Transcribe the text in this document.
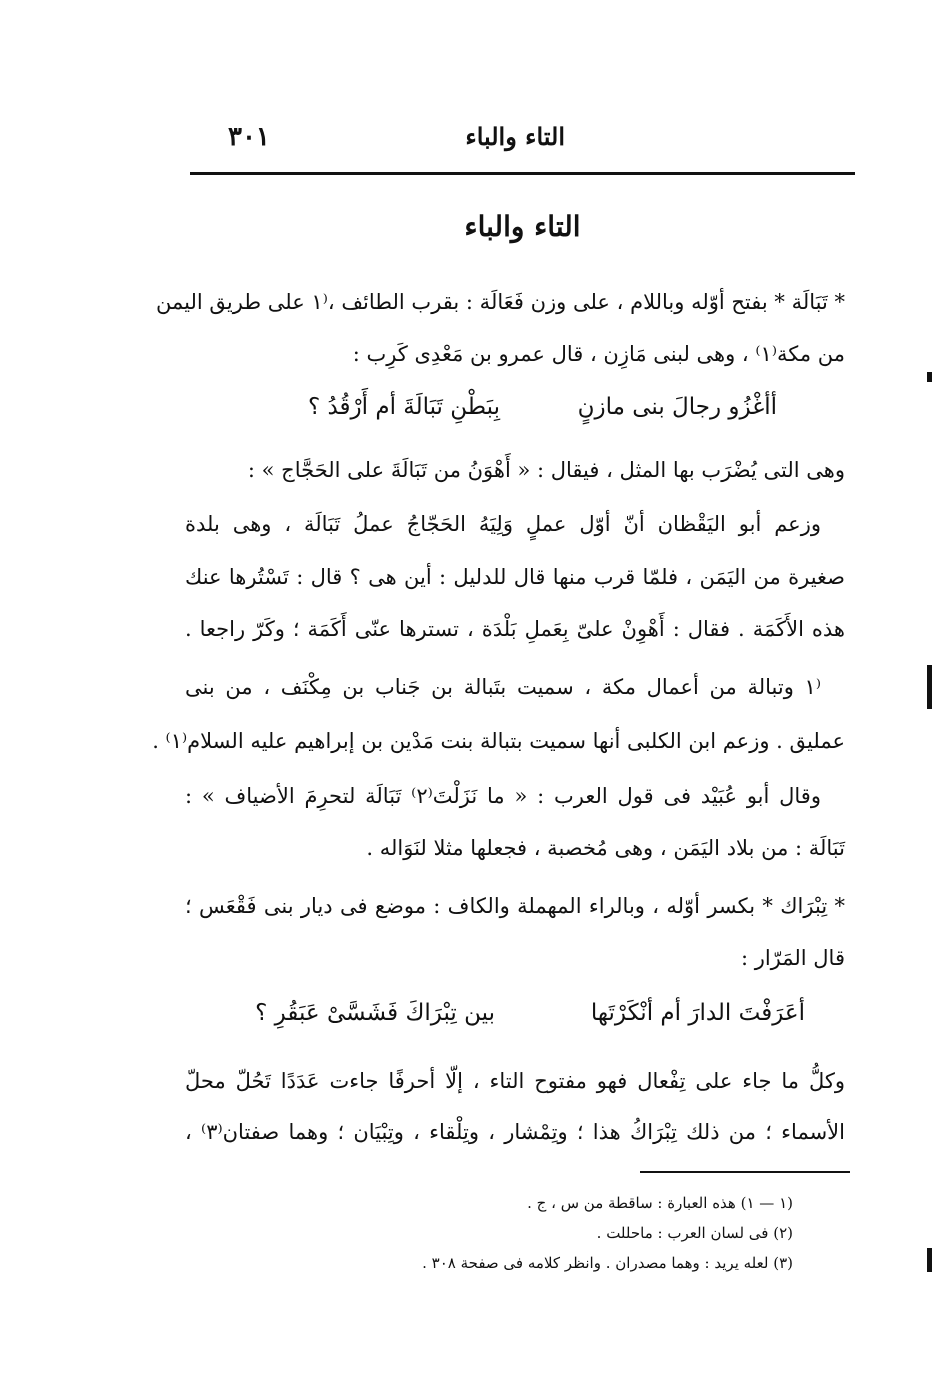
التاء والباء
٣٠١
التاء والباء
* تَبَالَة * بفتح أوّله وباللام ، على وزن فَعَالَة : بقرب الطائف ،⁽١ على طريق اليمن
من مكة⁽١⁾ ، وهى لبنى مَازِن ، قال عمرو بن مَعْدِى كَرِب :
أأغْزُو رجالَ بنى مازنٍ
بِبَطْنِ تَبَالَةَ أم أَرْقُدُ ؟
وهى التى يُضْرَب بها المثل ، فيقال : « أَهْوَنُ من تَبَالَةَ على الحَجَّاج » :
وزعم أبو اليَقْظان أنّ أوّل عملٍ وَلِيَهُ الحَجّاجُ عملُ تَبَالَة ، وهى بلدة
صغيرة من اليَمَن ، فلمّا قرب منها قال للدليل : أين هى ؟ قال : تَسْتُرها عنك
هذه الأَكَمَة . فقال : أَهْوِنْ علىّ بِعَملِ بَلْدَة ، تسترها عنّى أَكَمَة ؛ وكَرّ راجعا .
⁽١ وتبالة من أعمال مكة ، سميت بتَبالة بن جَناب بن مِكْنَف ، من بنى
عمليق . وزعم ابن الكلبى أنها سميت بتبالة بنت مَدْين بن إبراهيم عليه السلام⁽١⁾ .
وقال أبو عُبَيْد فى قول العرب : « ما نَزَلْتَ⁽٢⁾ تَبَالَة لتحرِمَ الأضياف » :
تَبَالَة : من بلاد اليَمَن ، وهى مُخصبة ، فجعلها مثلا لنَوَاله .
* تِبْرَاك * بكسر أوّله ، وبالراء المهملة والكاف : موضع فى ديار بنى فَقْعَس ؛
قال المَرّار :
أعَرَفْتَ الدارَ أم أنْكَرْتَها
بين تِبْرَاكَ فَشَسَّىْ عَبَقُرِ ؟
وكلُّ ما جاء على تِفْعال فهو مفتوح التاء ، إلّا أحرفًا جاءت عَدَدًا تَحُلّ محلّ
الأسماء ؛ من ذلك تِبْرَاكُ هذا ؛ وتِمْشار ، وتِلْقاء ، وتِبْيَان ؛ وهما صفتان⁽٣⁾ ،
(١ — ١) هذه العبارة : ساقطة من س ، ج .
(٢) فى لسان العرب : ماحللت .
(٣) لعله يريد : وهما مصدران . وانظر كلامه فى صفحة ٣٠٨ .
